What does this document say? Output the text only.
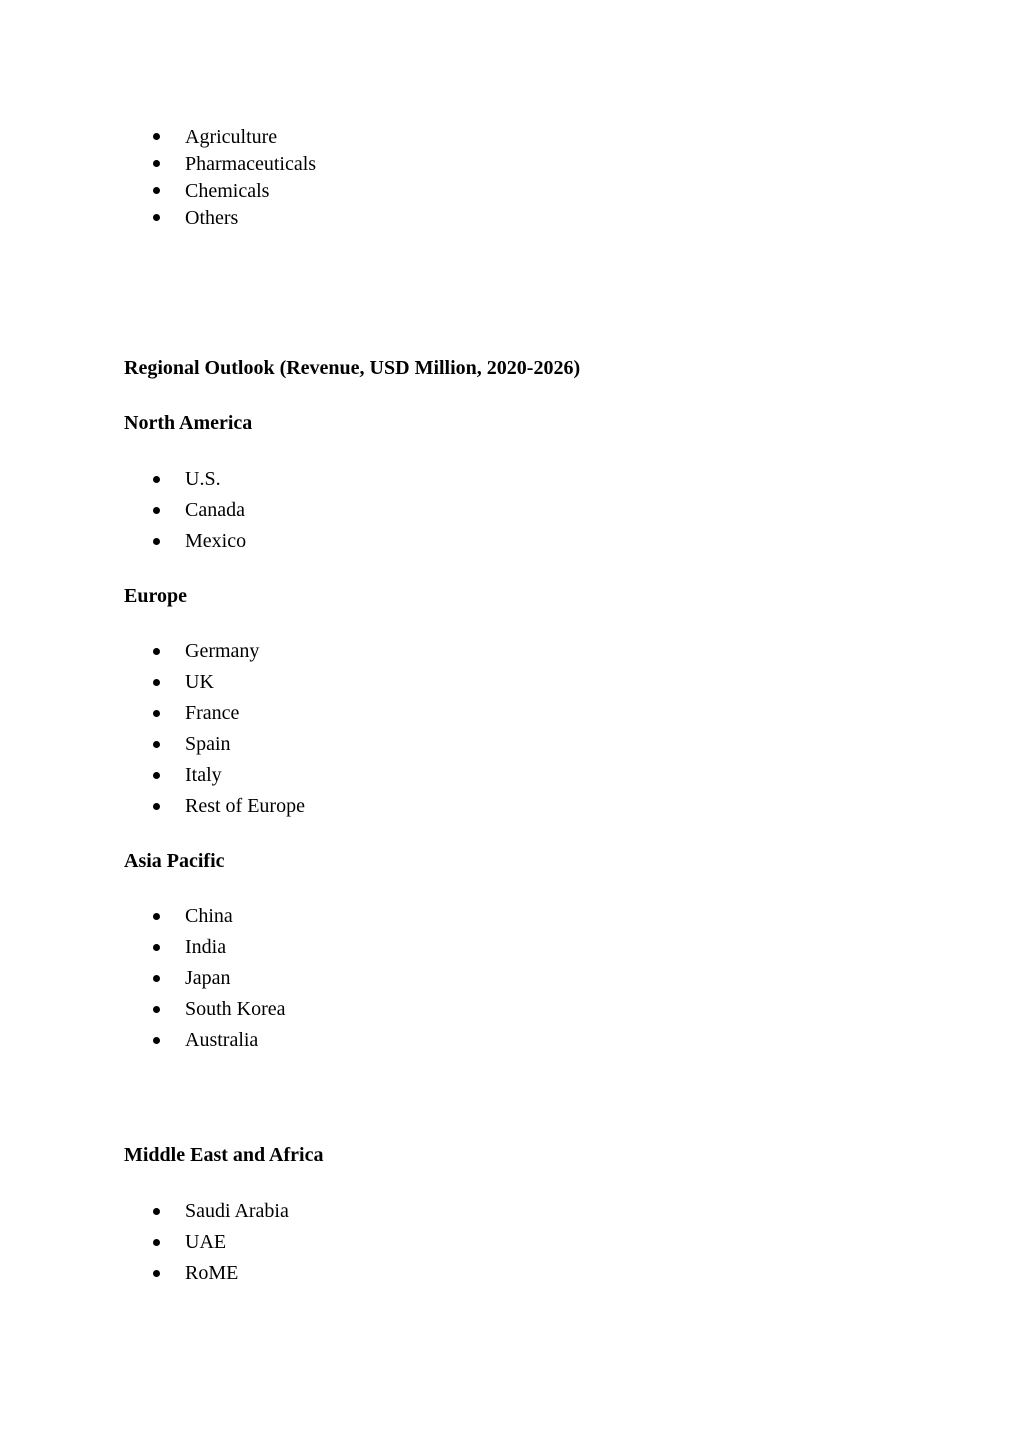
Agriculture
Pharmaceuticals
Chemicals
Others
Regional Outlook (Revenue, USD Million, 2020-2026)
North America
U.S.
Canada
Mexico
Europe
Germany
UK
France
Spain
Italy
Rest of Europe
Asia Pacific
China
India
Japan
South Korea
Australia
Middle East and Africa
Saudi Arabia
UAE
RoME
